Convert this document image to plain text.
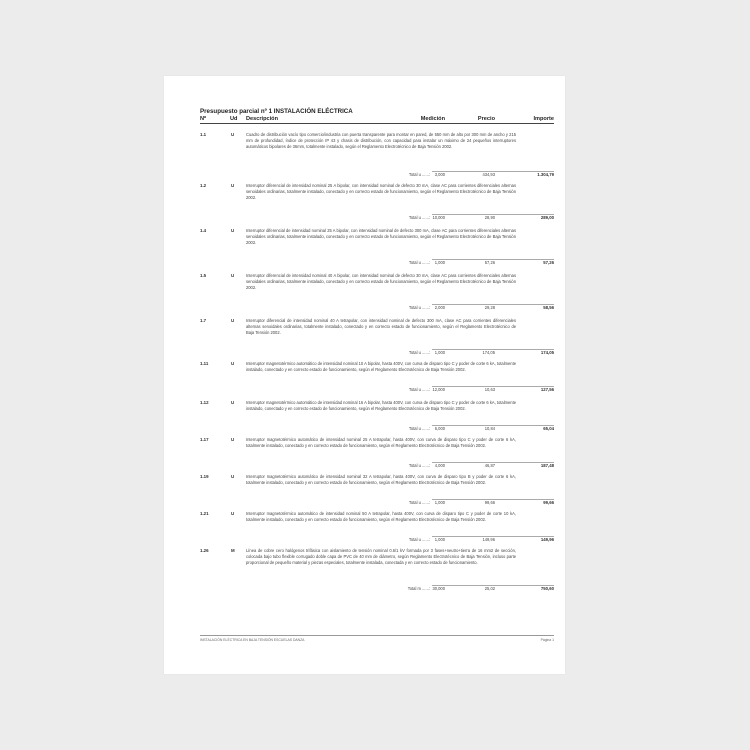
Presupuesto parcial nº 1 INSTALACIÓN ELÉCTRICA
Nº	Ud Descripción	Medición	Precio	Importe
1.1	U	Cuadro de distribución vacío tipo comercio/industria con puerta transparente para montar en pared, de 550 mm de alto por 300 mm de ancho y 215 mm de profundidad, índice de protección IP 43 y chasis de distribución, con capacidad para instalar un máximo de 24 pequeños interruptores automáticos bipolares de 36mm, totalmente instalado, según el Reglamento Electrotécnico de Baja Tensión 2002.
Total u ......:	3,000	434,93	1.304,79
1.2	U	Interruptor diferencial de intensidad nominal 25 A bipolar, con intensidad nominal de defecto 30 mA, clase AC para corrientes diferenciales alternas senoidales ordinarias, totalmente instalado, conectado y en correcto estado de funcionamiento, según el Reglamento Electrotécnico de Baja Tensión 2002.
Total u ......: 10,000	28,90	289,00
1.4	U	Interruptor diferencial de intensidad nominal 25 A bipolar, con intensidad nominal de defecto 300 mA, clase AC para corrientes diferenciales alternas senoidales ordinarias, totalmente instalado, conectado y en correcto estado de funcionamiento, según el Reglamento Electrotécnico de Baja Tensión 2002.
Total u ......:	1,000	57,26	57,26
1.5	U	Interruptor diferencial de intensidad nominal 40 A bipolar, con intensidad nominal de defecto 30 mA, clase AC para corrientes diferenciales alternas senoidales ordinarias, totalmente instalado, conectado y en correcto estado de funcionamiento, según el Reglamento Electrotécnico de Baja Tensión 2002.
Total u ......:	2,000	29,28	58,56
1.7	U	Interruptor diferencial de intensidad nominal 40 A tetrapolar, con intensidad nominal de defecto 300 mA, clase AC para corrientes diferenciales alternas senoidales ordinarias, totalmente instalado, conectado y en correcto estado de funcionamiento, según el Reglamento Electrotécnico de Baja Tensión 2002.
Total u ......:	1,000	174,05	174,05
1.11	U	Interruptor magnetotérmico automático de intensidad nominal 10 A bipolar, hasta 400V, con curva de disparo tipo C y poder de corte 6 kA, totalmente instalado, conectado y en correcto estado de funcionamiento, según el Reglamento Electrotécnico de Baja Tensión 2002.
Total u ......: 12,000	10,63	127,56
1.12	U	Interruptor magnetotérmico automático de intensidad nominal 16 A bipolar, hasta 400V, con curva de disparo tipo C y poder de corte 6 kA, totalmente instalado, conectado y en correcto estado de funcionamiento, según el Reglamento Electrotécnico de Baja Tensión 2002.
Total u ......:	6,000	10,84	65,04
1.17	U	Interruptor magnetotérmico automático de intensidad nominal 25 A tetrapolar, hasta 400V, con curva de disparo tipo C y poder de corte 6 kA, totalmente instalado, conectado y en correcto estado de funcionamiento, según el Reglamento Electrotécnico de Baja Tensión 2002.
Total u ......:	4,000	46,87	187,48
1.19	U	Interruptor magnetotérmico automático de intensidad nominal 32 A tetrapolar, hasta 400V, con curva de disparo tipo B y poder de corte 6 kA, totalmente instalado, conectado y en correcto estado de funcionamiento, según el Reglamento Electrotécnico de Baja Tensión 2002.
Total u ......:	1,000	99,66	99,66
1.21	U	Interruptor magnetotérmico automático de intensidad nominal 50 A tetrapolar, hasta 400V, con curva de disparo tipo C y poder de corte 10 kA, totalmente instalado, conectado y en correcto estado de funcionamiento, según el Reglamento Electrotécnico de Baja Tensión 2002.
Total u ......:	1,000	149,96	149,96
1.26	M	Línea de cobre cero halógenos trifásica con aislamiento de tensión nominal 0.6/1 kV formada por 3 fases+neutro+tierra de 16 mm2 de sección, colocada bajo tubo flexible corrugado doble capa de PVC de 40 mm de diámetro, según Reglamento Electrotécnico de Baja Tensión, incluso parte proporcional de pequeño material y piezas especiales, totalmente instalada, conectada y en correcto estado de funcionamiento.
Total m ......: 30,000	25,02	750,60
INSTALACIÓN ELÉCTRICA EN BAJA TENSIÓN ESCUELAS DANZA	Página 1
